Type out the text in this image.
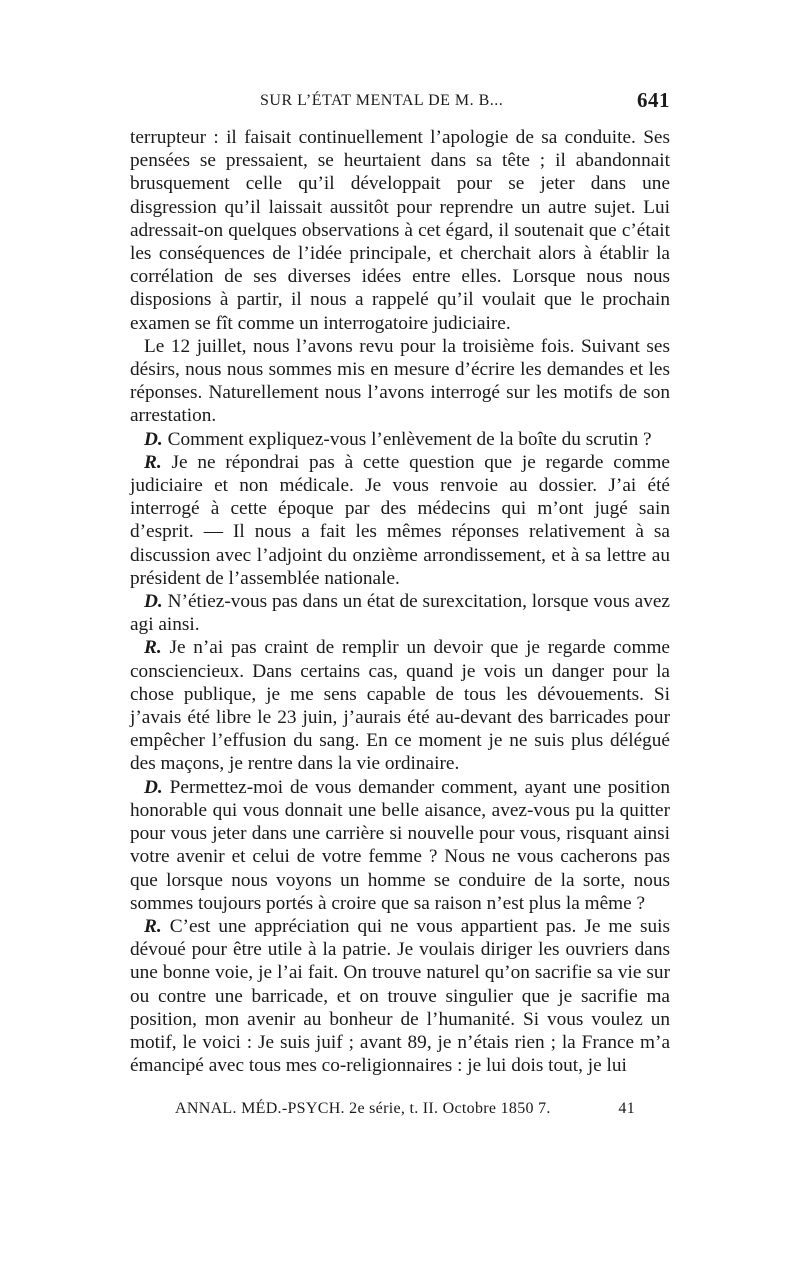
SUR L’ÉTAT MENTAL DE M. B...	641

terrupteur : il faisait continuellement l’apologie de sa conduite. Ses pensées se pressaient, se heurtaient dans sa tête ; il abandonnait brusquement celle qu’il développait pour se jeter dans une disgression qu’il laissait aussitôt pour reprendre un autre sujet. Lui adressait-on quelques observations à cet égard, il soutenait que c’était les conséquences de l’idée principale, et cherchait alors à établir la corrélation de ses diverses idées entre elles. Lorsque nous nous disposions à partir, il nous a rappelé qu’il voulait que le prochain examen se fît comme un interrogatoire judiciaire.

Le 12 juillet, nous l’avons revu pour la troisième fois. Suivant ses désirs, nous nous sommes mis en mesure d’écrire les demandes et les réponses. Naturellement nous l’avons interrogé sur les motifs de son arrestation.

D. Comment expliquez-vous l’enlèvement de la boîte du scrutin ?

R. Je ne répondrai pas à cette question que je regarde comme judiciaire et non médicale. Je vous renvoie au dossier. J’ai été interrogé à cette époque par des médecins qui m’ont jugé sain d’esprit. — Il nous a fait les mêmes réponses relativement à sa discussion avec l’adjoint du onzième arrondissement, et à sa lettre au président de l’assemblée nationale.

D. N’étiez-vous pas dans un état de surexcitation, lorsque vous avez agi ainsi.

R. Je n’ai pas craint de remplir un devoir que je regarde comme consciencieux. Dans certains cas, quand je vois un danger pour la chose publique, je me sens capable de tous les dévouements. Si j’avais été libre le 23 juin, j’aurais été au-devant des barricades pour empêcher l’effusion du sang. En ce moment je ne suis plus délégué des maçons, je rentre dans la vie ordinaire.

D. Permettez-moi de vous demander comment, ayant une position honorable qui vous donnait une belle aisance, avez-vous pu la quitter pour vous jeter dans une carrière si nouvelle pour vous, risquant ainsi votre avenir et celui de votre femme ? Nous ne vous cacherons pas que lorsque nous voyons un homme se conduire de la sorte, nous sommes toujours portés à croire que sa raison n’est plus la même ?

R. C’est une appréciation qui ne vous appartient pas. Je me suis dévoué pour être utile à la patrie. Je voulais diriger les ouvriers dans une bonne voie, je l’ai fait. On trouve naturel qu’on sacrifie sa vie sur ou contre une barricade, et on trouve singulier que je sacrifie ma position, mon avenir au bonheur de l’humanité. Si vous voulez un motif, le voici : Je suis juif ; avant 89, je n’étais rien ; la France m’a émancipé avec tous mes co-religionnaires : je lui dois tout, je lui

ANNAL. MÉD.-PSYCH. 2e série, t. II. Octobre 1850 7.	41
